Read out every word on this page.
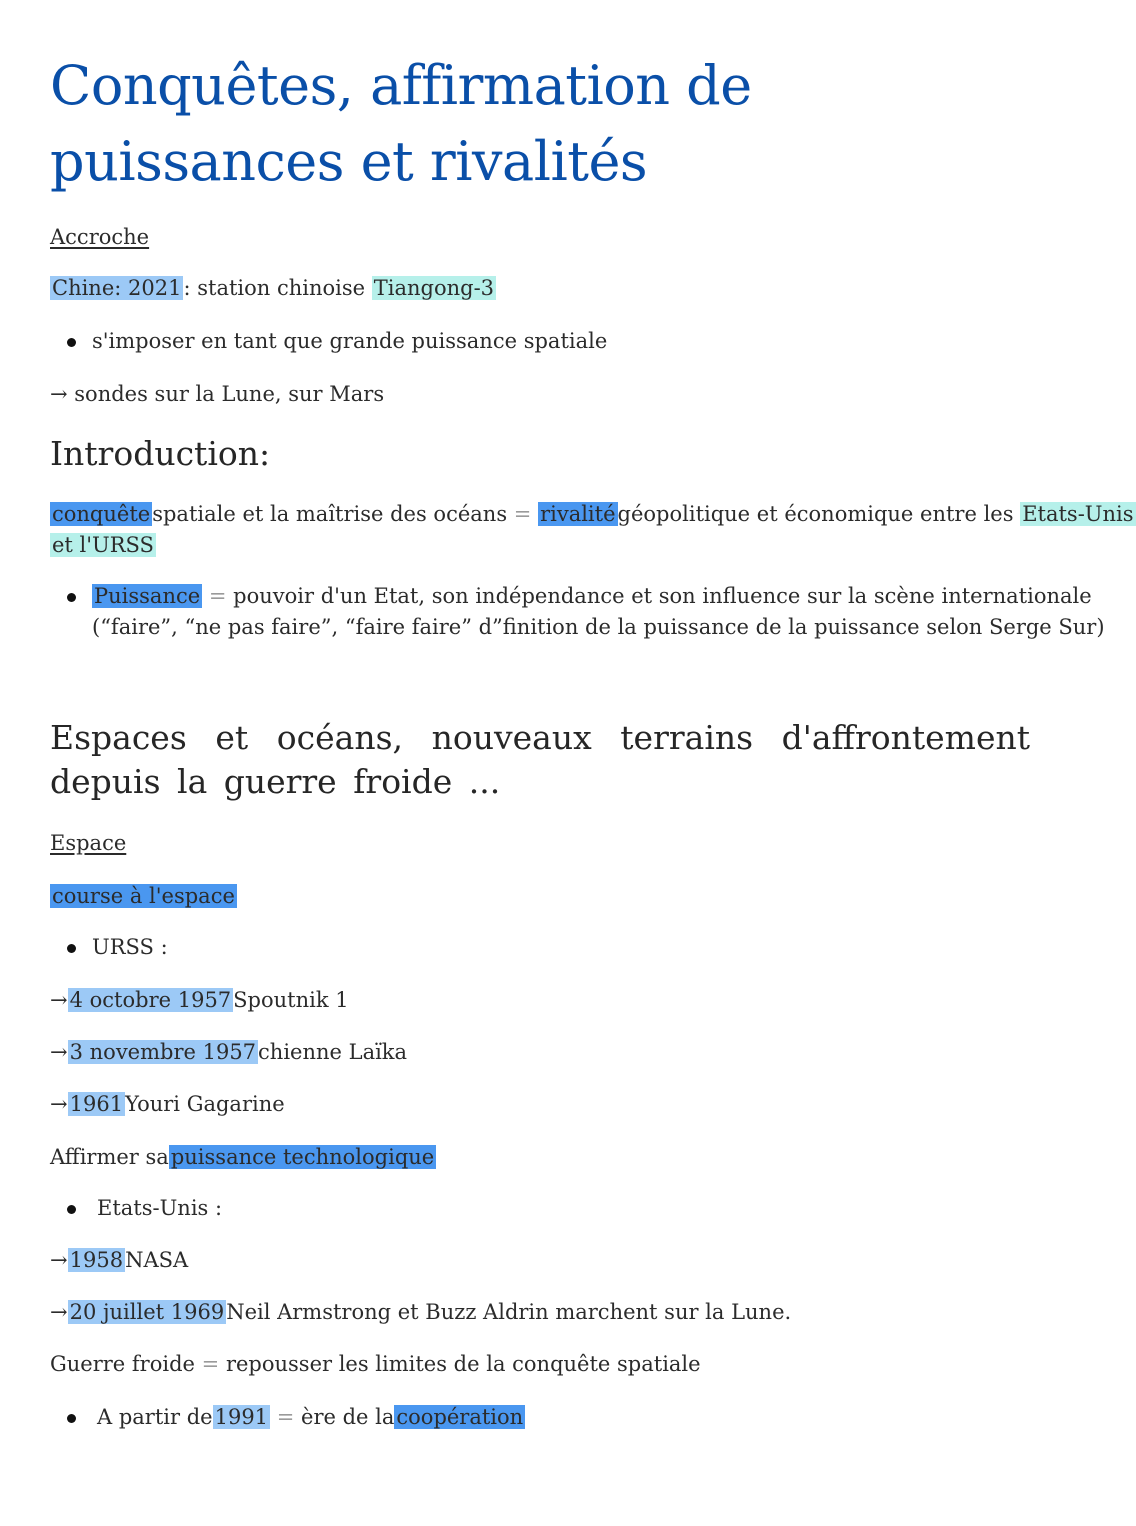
Conquêtes, affirmation de puissances et rivalités
Accroche
Chine: 2021: station chinoise Tiangong-3
s'imposer en tant que grande puissance spatiale
→ sondes sur la Lune, sur Mars
Introduction:
conquêtespatiale et la maîtrise des océans = rivalitégéopolitique et économique entre les Etats-Unis
et l'URSS
Puissance = pouvoir d'un Etat, son indépendance et son influence sur la scène internationale
(“faire”, “ne pas faire”, “faire faire” d”finition de la puissance de la puissance selon Serge Sur)
Espaces et océans, nouveaux terrains d'affrontement depuis la guerre froide ...
Espace
course à l'espace
URSS :
→4 octobre 1957Spoutnik 1
→3 novembre 1957chienne Laïka
→1961Youri Gagarine
Affirmer sapuissance technologique
Etats-Unis :
→1958NASA
→20 juillet 1969Neil Armstrong et Buzz Aldrin marchent sur la Lune.
Guerre froide = repousser les limites de la conquête spatiale
A partir de1991 = ère de lacoopération
